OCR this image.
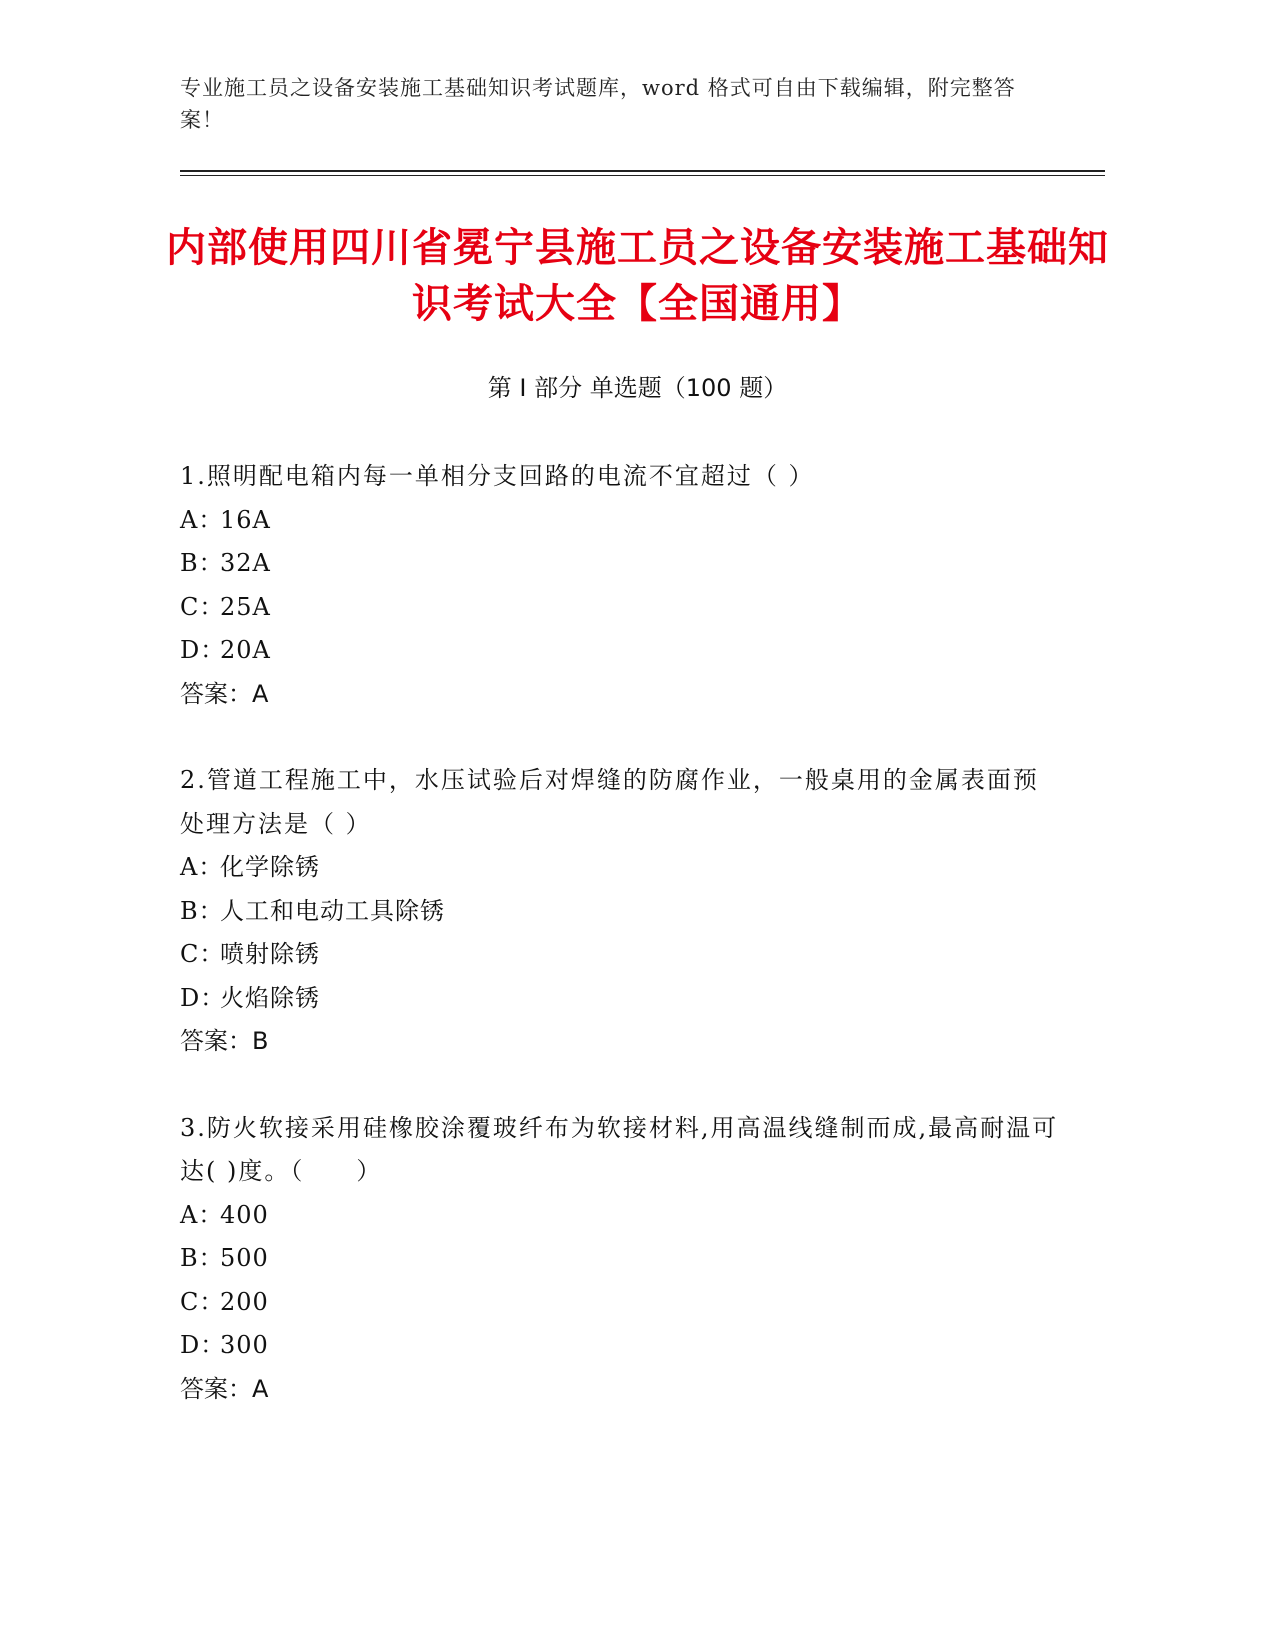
专业施工员之设备安装施工基础知识考试题库，word 格式可自由下载编辑，附完整答案！
内部使用四川省冕宁县施工员之设备安装施工基础知识考试大全【全国通用】
第 I 部分 单选题（100 题）

1.照明配电箱内每一单相分支回路的电流不宜超过（ ）

A：
16A
B：
32A
C：
25A
D：
20A
答案：A

2.管道工程施工中，水压试验后对焊缝的防腐作业，一般桌用的金属表面预处理方法是（ ）

A：
化学除锈
B：
人工和电动工具除锈
C：
喷射除锈
D：
火焰除锈
答案：B

3.防火软接采用硅橡胶涂覆玻纤布为软接材料,用高温线缝制而成,最高耐温可达( )度。（　　）

A：
400
B：
500
C：
200
D：
300
答案：A
